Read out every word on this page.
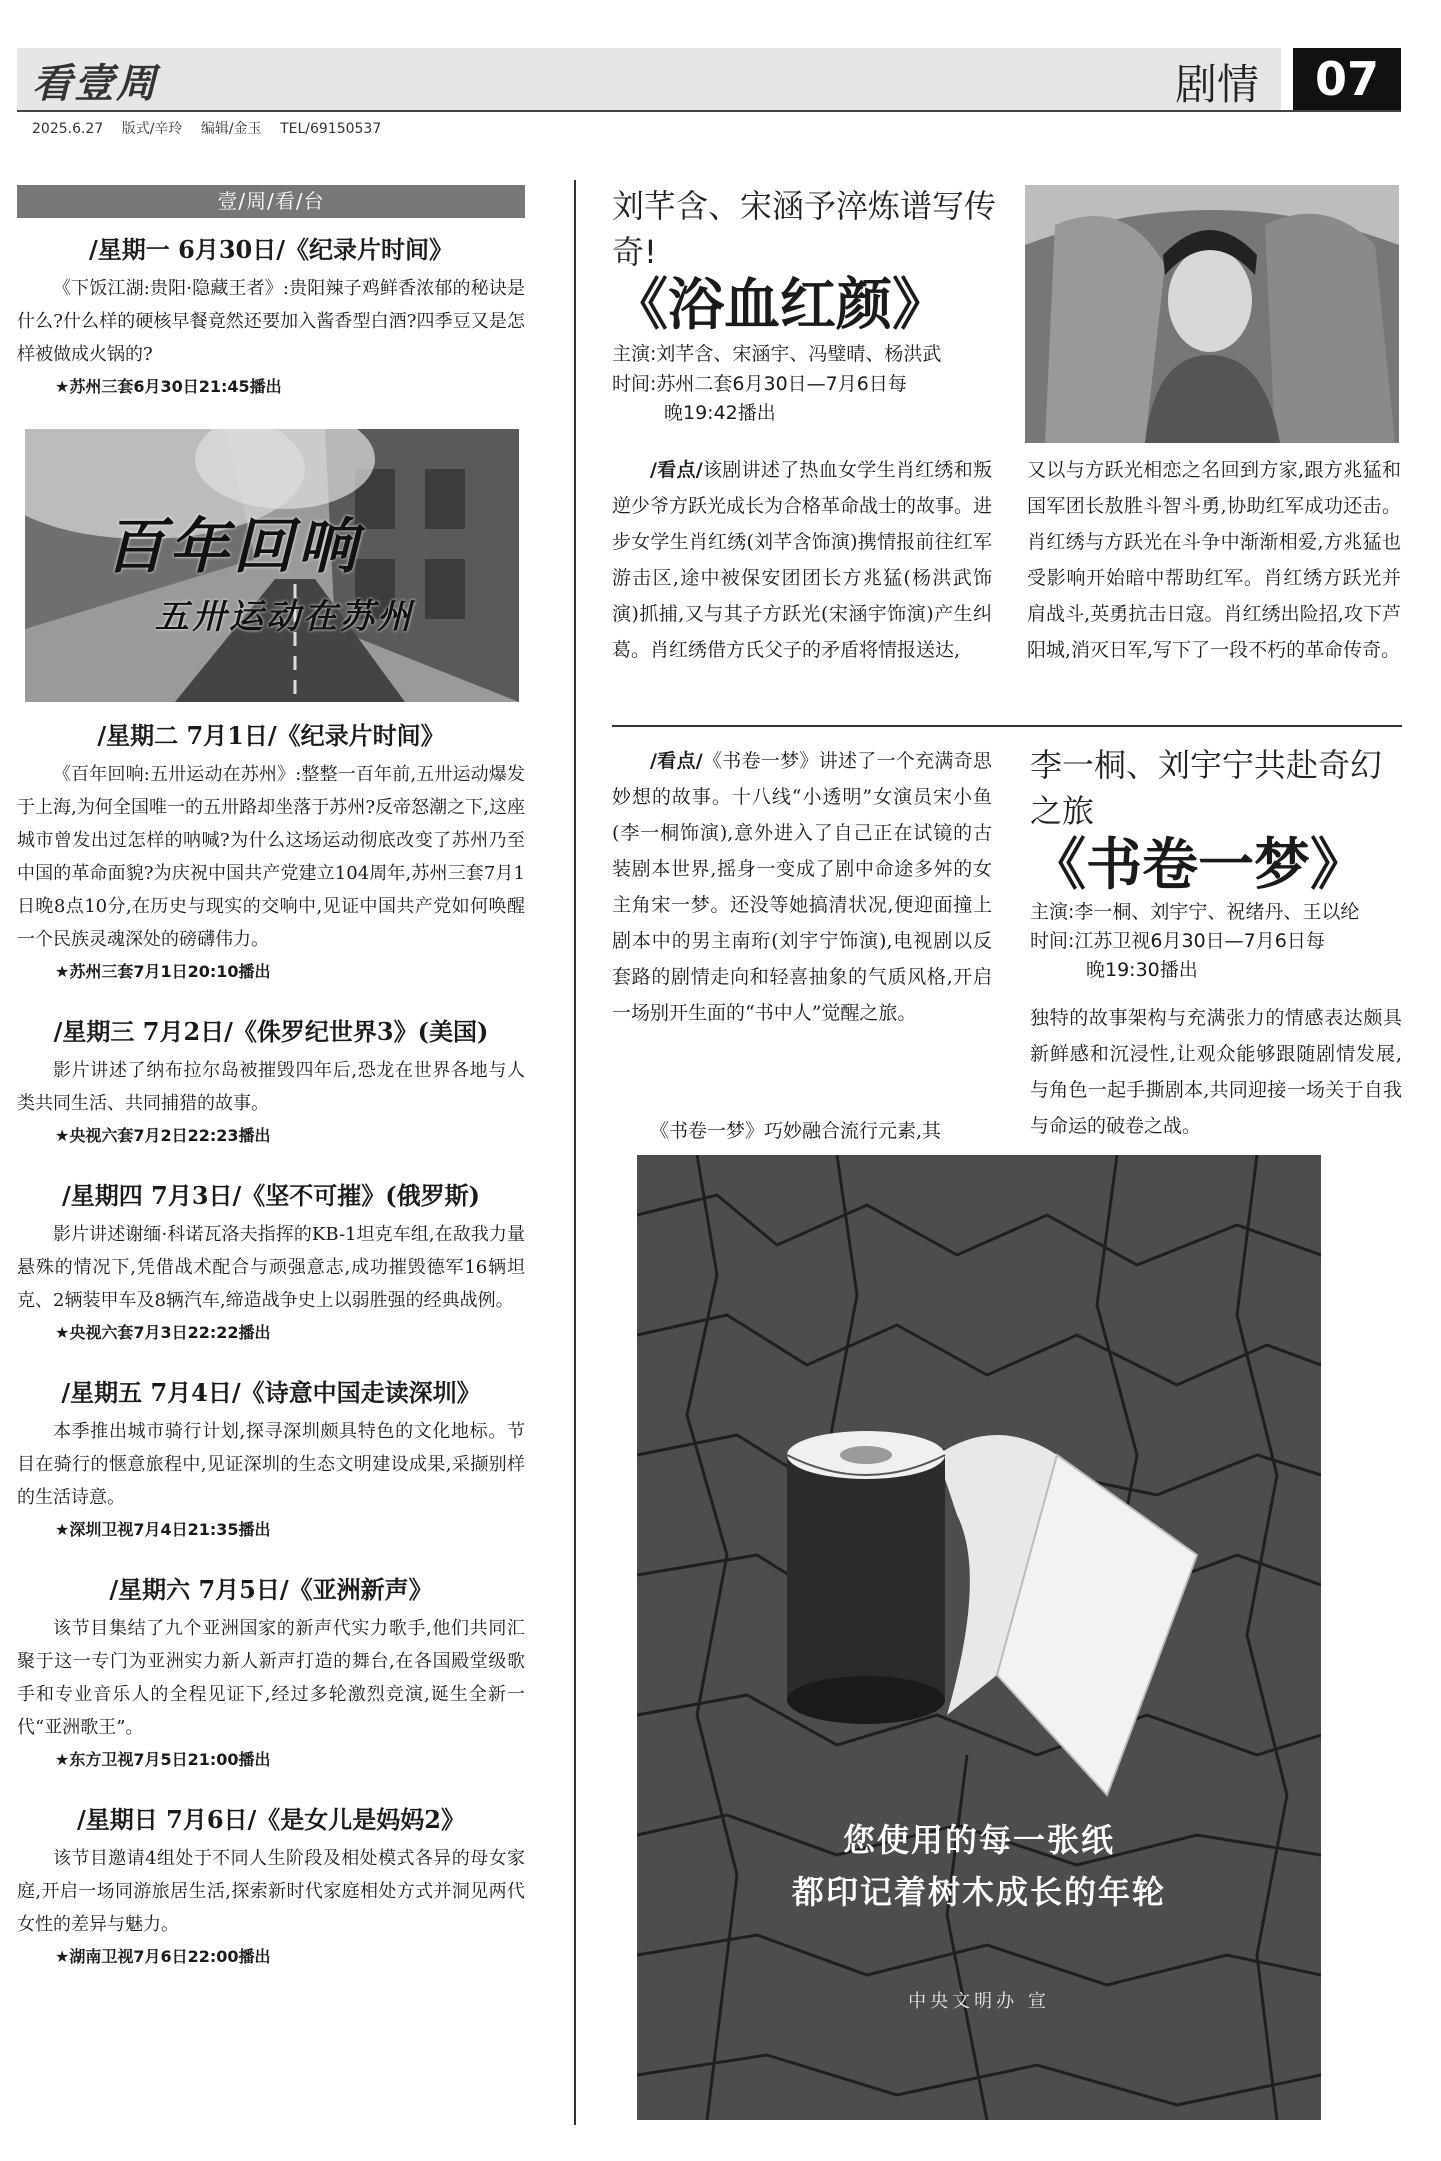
看壹周	剧情	07
2025.6.27 版式/辛玲 编辑/金玉 TEL/69150537
壹/周/看/台
/星期一 6月30日/《纪录片时间》

《下饭江湖:贵阳·隐藏王者》:贵阳辣子鸡鲜香浓郁的秘诀是什么?什么样的硬核早餐竟然还要加入酱香型白酒?四季豆又是怎样被做成火锅的?

★苏州三套6月30日21:45播出
百年回响
五卅运动在苏州
/星期二 7月1日/《纪录片时间》

《百年回响:五卅运动在苏州》:整整一百年前,五卅运动爆发于上海,为何全国唯一的五卅路却坐落于苏州?反帝怒潮之下,这座城市曾发出过怎样的呐喊?为什么这场运动彻底改变了苏州乃至中国的革命面貌?为庆祝中国共产党建立104周年,苏州三套7月1日晚8点10分,在历史与现实的交响中,见证中国共产党如何唤醒一个民族灵魂深处的磅礴伟力。

★苏州三套7月1日20:10播出
/星期三 7月2日/《侏罗纪世界3》(美国)

影片讲述了纳布拉尔岛被摧毁四年后,恐龙在世界各地与人类共同生活、共同捕猎的故事。

★央视六套7月2日22:23播出
/星期四 7月3日/《坚不可摧》(俄罗斯)

影片讲述谢缅·科诺瓦洛夫指挥的KB-1坦克车组,在敌我力量悬殊的情况下,凭借战术配合与顽强意志,成功摧毁德军16辆坦克、2辆装甲车及8辆汽车,缔造战争史上以弱胜强的经典战例。

★央视六套7月3日22:22播出
/星期五 7月4日/《诗意中国走读深圳》

本季推出城市骑行计划,探寻深圳颇具特色的文化地标。节目在骑行的惬意旅程中,见证深圳的生态文明建设成果,采撷别样的生活诗意。

★深圳卫视7月4日21:35播出
/星期六 7月5日/《亚洲新声》

该节目集结了九个亚洲国家的新声代实力歌手,他们共同汇聚于这一专门为亚洲实力新人新声打造的舞台,在各国殿堂级歌手和专业音乐人的全程见证下,经过多轮激烈竞演,诞生全新一代“亚洲歌王”。

★东方卫视7月5日21:00播出
/星期日 7月6日/《是女儿是妈妈2》

该节目邀请4组处于不同人生阶段及相处模式各异的母女家庭,开启一场同游旅居生活,探索新时代家庭相处方式并洞见两代女性的差异与魅力。

★湖南卫视7月6日22:00播出
刘芊含、宋涵予淬炼谱写传奇!
《浴血红颜》
主演:刘芊含、宋涵宇、冯璧晴、杨洪武
时间:苏州二套6月30日—7月6日每
晚19:42播出
/看点/该剧讲述了热血女学生肖红绣和叛逆少爷方跃光成长为合格革命战士的故事。进步女学生肖红绣(刘芊含饰演)携情报前往红军游击区,途中被保安团团长方兆猛(杨洪武饰演)抓捕,又与其子方跃光(宋涵宇饰演)产生纠葛。肖红绣借方氏父子的矛盾将情报送达,
又以与方跃光相恋之名回到方家,跟方兆猛和国军团长敖胜斗智斗勇,协助红军成功还击。肖红绣与方跃光在斗争中渐渐相爱,方兆猛也受影响开始暗中帮助红军。肖红绣方跃光并肩战斗,英勇抗击日寇。肖红绣出险招,攻下芦阳城,消灭日军,写下了一段不朽的革命传奇。
/看点/《书卷一梦》讲述了一个充满奇思妙想的故事。十八线“小透明”女演员宋小鱼(李一桐饰演),意外进入了自己正在试镜的古装剧本世界,摇身一变成了剧中命途多舛的女主角宋一梦。还没等她搞清状况,便迎面撞上剧本中的男主南珩(刘宇宁饰演),电视剧以反套路的剧情走向和轻喜抽象的气质风格,开启一场别开生面的“书中人”觉醒之旅。
《书卷一梦》巧妙融合流行元素,其
李一桐、刘宇宁共赴奇幻之旅
《书卷一梦》
主演:李一桐、刘宇宁、祝绪丹、王以纶
时间:江苏卫视6月30日—7月6日每
晚19:30播出
独特的故事架构与充满张力的情感表达颇具新鲜感和沉浸性,让观众能够跟随剧情发展,与角色一起手撕剧本,共同迎接一场关于自我与命运的破卷之战。
您使用的每一张纸
都印记着树木成长的年轮
中央文明办 宣
